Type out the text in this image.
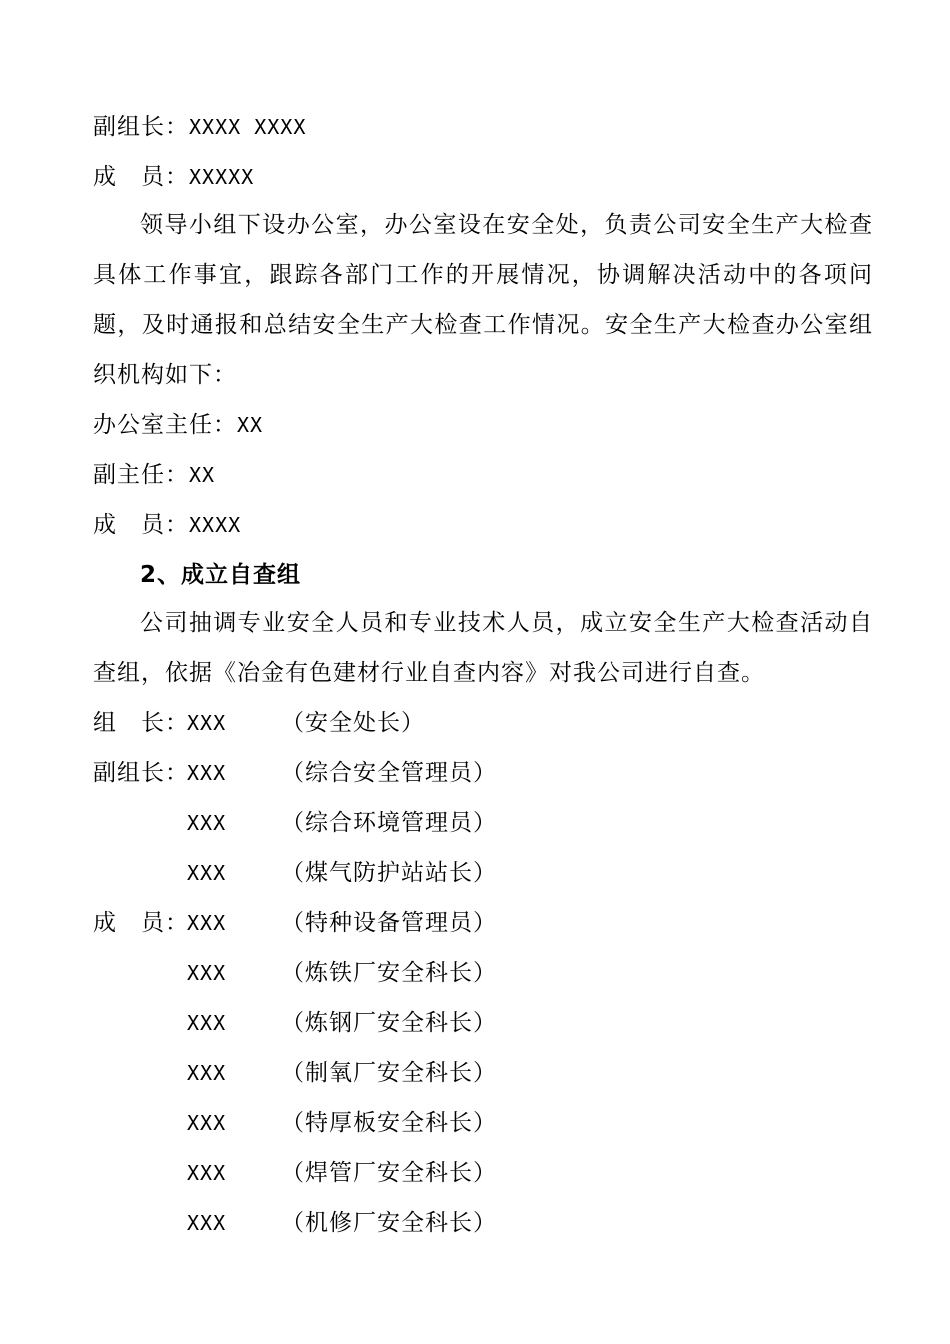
副组长：XXXX XXXX
成　员：XXXXX
领导小组下设办公室，办公室设在安全处，负责公司安全生产大检查具体工作事宜，跟踪各部门工作的开展情况，协调解决活动中的各项问题，及时通报和总结安全生产大检查工作情况。安全生产大检查办公室组织机构如下：
办公室主任：XX
副主任：XX
成　员：XXXX
2、成立自查组
公司抽调专业安全人员和专业技术人员，成立安全生产大检查活动自查组，依据《冶金有色建材行业自查内容》对我公司进行自查。
组　长：XXX （安全处长）
副组长：XXX （综合安全管理员）
XXX （综合环境管理员）
XXX （煤气防护站站长）
成　员：XXX （特种设备管理员）
XXX （炼铁厂安全科长）
XXX （炼钢厂安全科长）
XXX （制氧厂安全科长）
XXX （特厚板安全科长）
XXX （焊管厂安全科长）
XXX （机修厂安全科长）
